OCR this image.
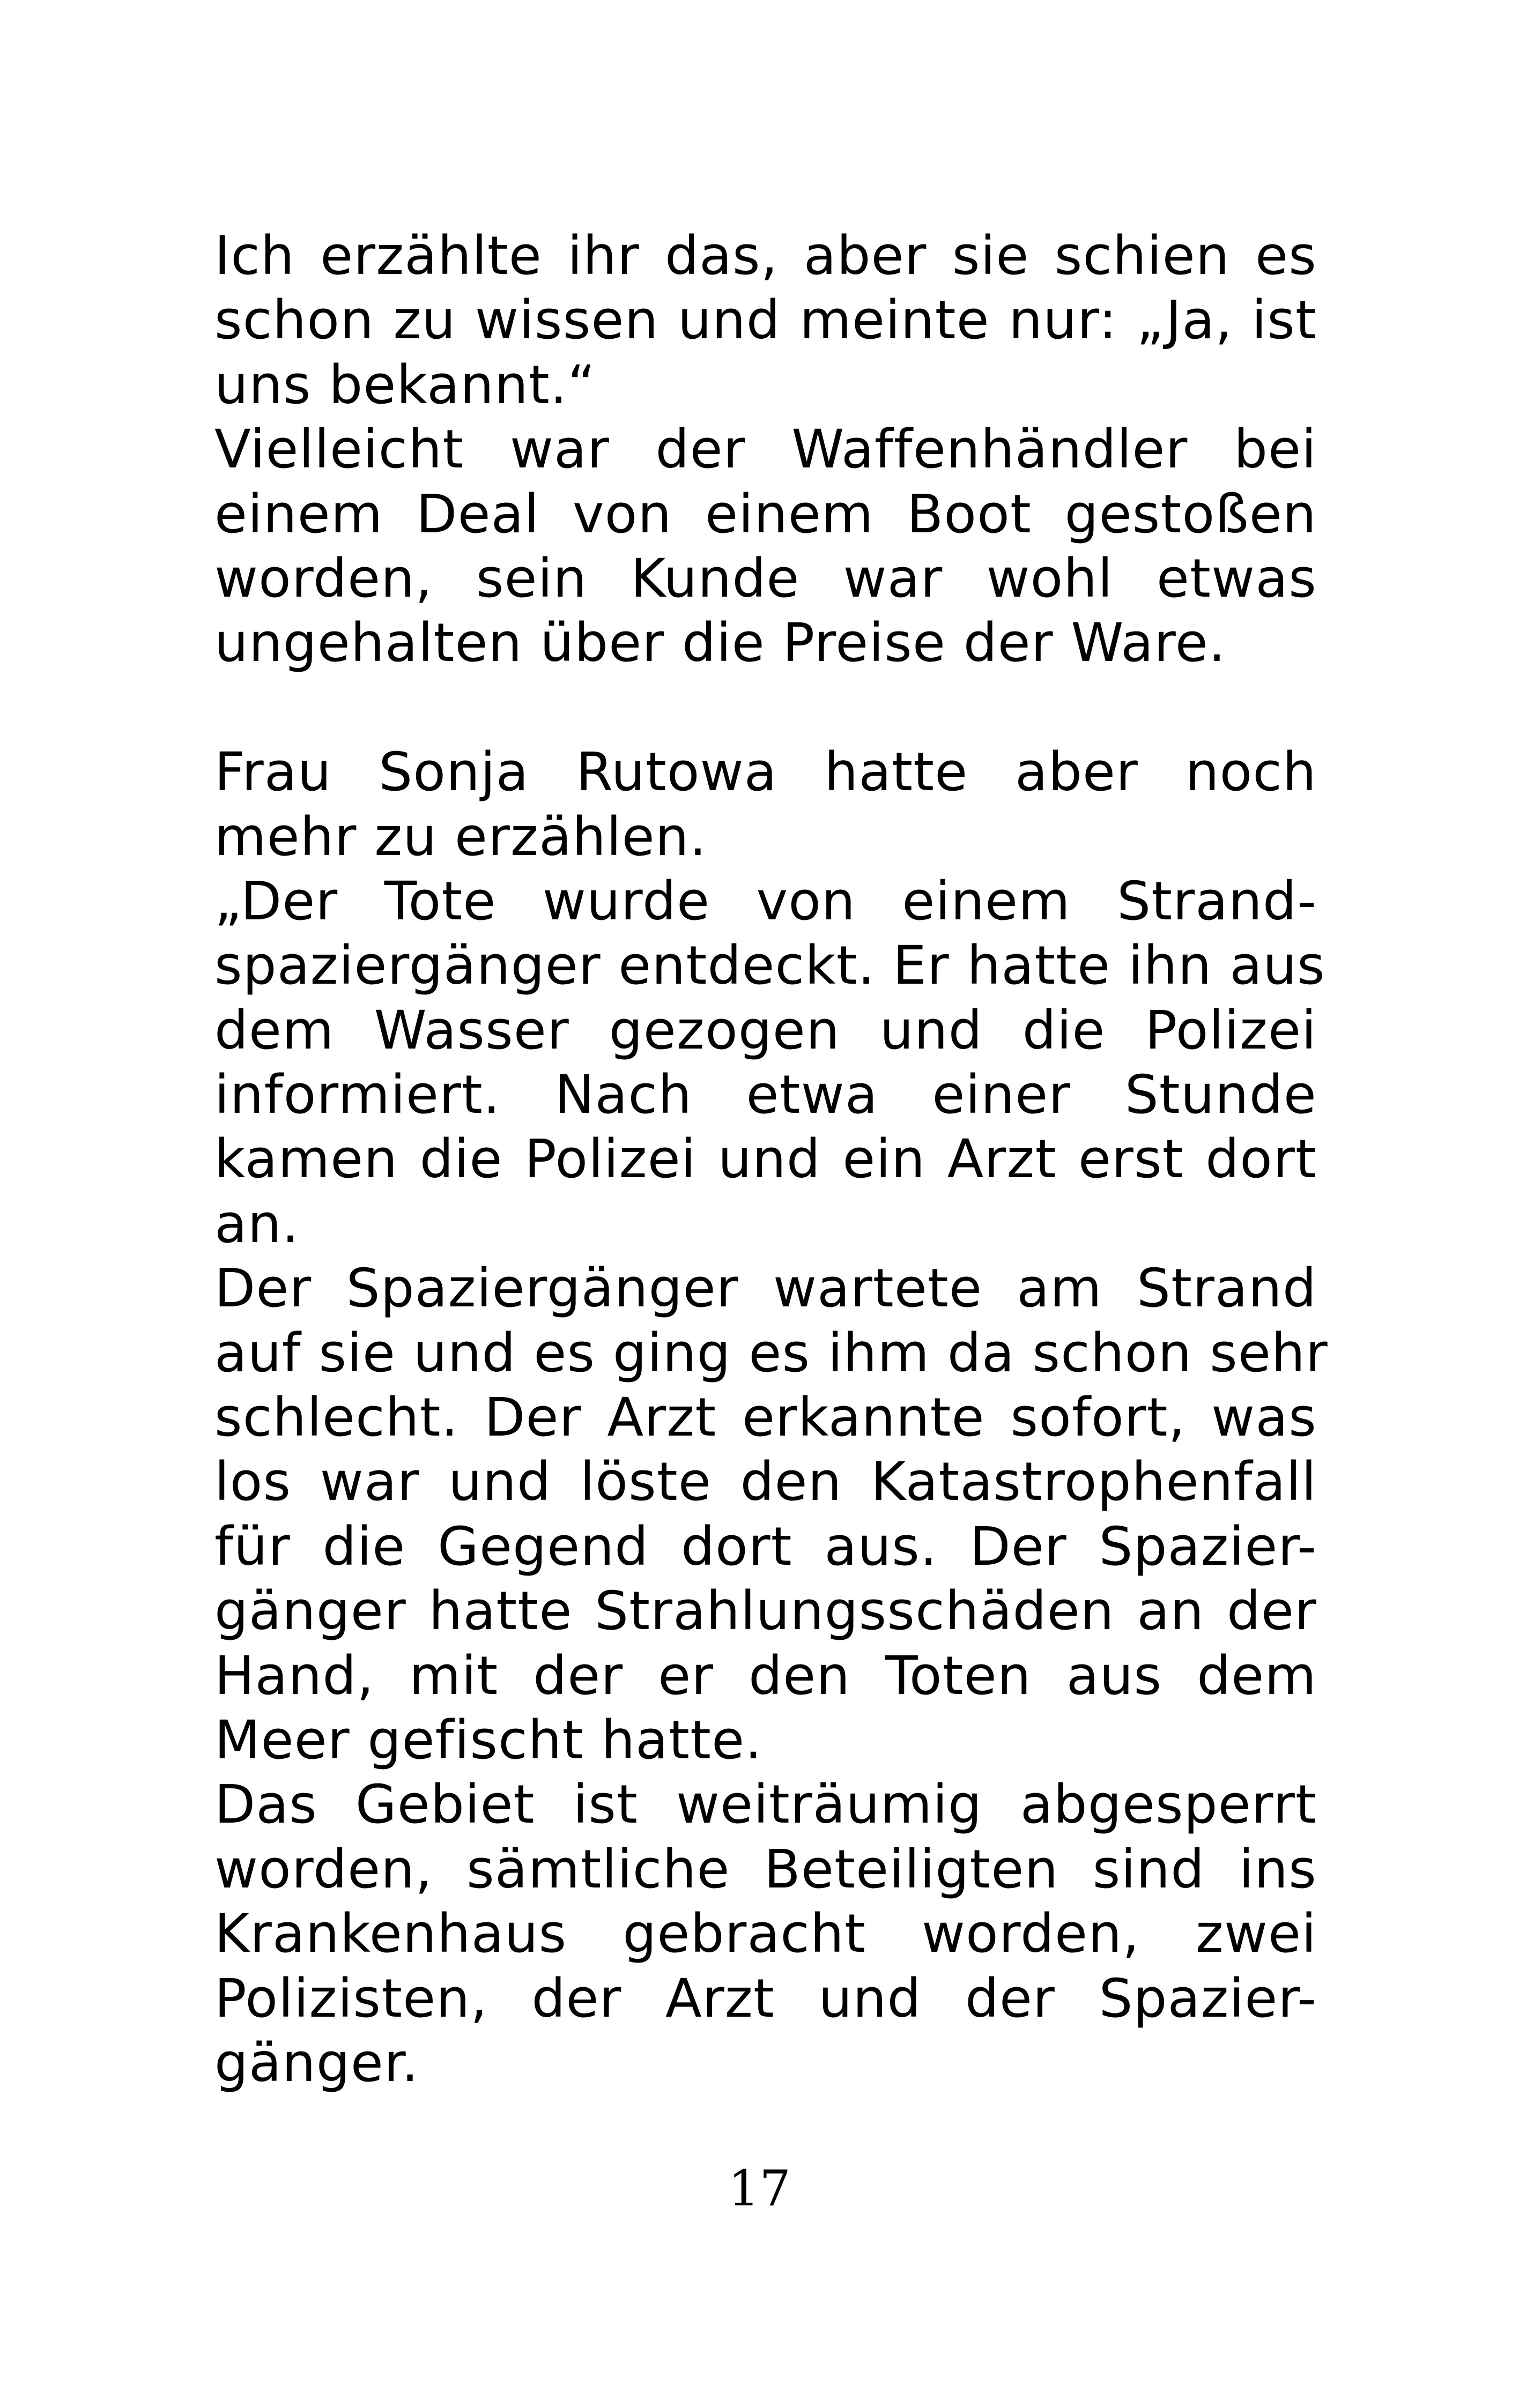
Ich erzählte ihr das, aber sie schien es
schon zu wissen und meinte nur: „Ja, ist
uns bekannt.“
Vielleicht war der Waffenhändler bei
einem Deal von einem Boot gestoßen
worden, sein Kunde war wohl etwas
ungehalten über die Preise der Ware.
Frau Sonja Rutowa hatte aber noch
mehr zu erzählen.
„Der Tote wurde von einem Strand-
spaziergänger entdeckt. Er hatte ihn aus
dem Wasser gezogen und die Polizei
informiert. Nach etwa einer Stunde
kamen die Polizei und ein Arzt erst dort
an.
Der Spaziergänger wartete am Strand
auf sie und es ging es ihm da schon sehr
schlecht. Der Arzt erkannte sofort, was
los war und löste den Katastrophenfall
für die Gegend dort aus. Der Spazier-
gänger hatte Strahlungsschäden an der
Hand, mit der er den Toten aus dem
Meer gefischt hatte.
Das Gebiet ist weiträumig abgesperrt
worden, sämtliche Beteiligten sind ins
Krankenhaus gebracht worden, zwei
Polizisten, der Arzt und der Spazier-
gänger.
17
